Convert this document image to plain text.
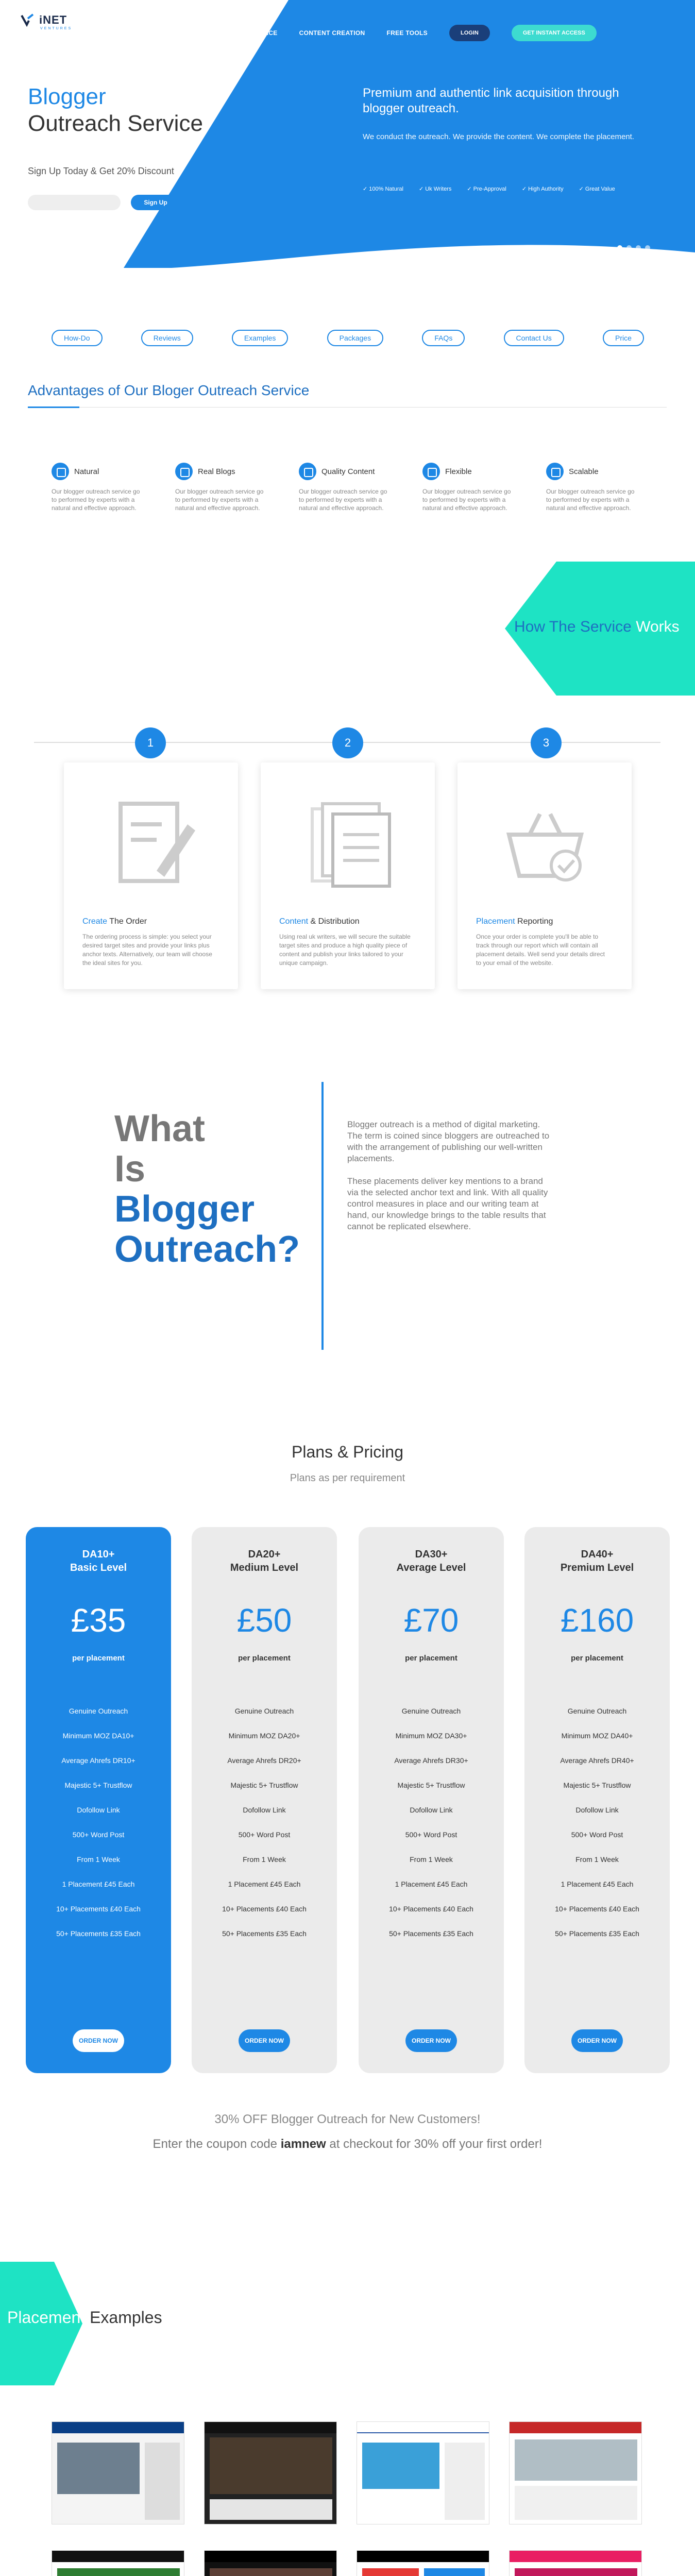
iNET
VENTURES
OUTREACH SERVICE	CONTENT CREATION	FREE TOOLS	LOGIN	GET INSTANT ACCESS
Blogger
Outreach Service
Sign Up Today & Get 20% Discount
Sign Up
Premium and authentic link acquisition through blogger outreach.
We conduct the outreach. We provide the content. We complete the placement.
✓ 100% Natural	✓ Uk Writers	✓ Pre-Approval	✓ High Authority	✓ Great Value
How-Do	Reviews	Examples	Packages	FAQs	Contact Us	Price
Advantages of Our Bloger Outreach Service
Natural
Our blogger outreach service go to performed by experts with a natural and effective approach.
Real Blogs
Our blogger outreach service go to performed by experts with a natural and effective approach.
Quality Content
Our blogger outreach service go to performed by experts with a natural and effective approach.
Flexible
Our blogger outreach service go to performed by experts with a natural and effective approach.
Scalable
Our blogger outreach service go to performed by experts with a natural and effective approach.
How The Service Works
1	2	3
Create The Order
The ordering process is simple: you select your desired target sites and provide your links plus anchor texts. Alternatively, our team will choose the ideal sites for you.
Content & Distribution
Using real uk writers, we will secure the suitable target sites and produce a high quality piece of content and publish your links tailored to your unique campaign.
Placement Reporting
Once your order is complete you'll be able to track through our report which will contain all placement details. Well send your details direct to your email of the website.
What
Is
Blogger
Outreach?

Blogger outreach is a method of digital marketing. The term is coined since bloggers are outreached to with the arrangement of publishing our well-written placements.

These placements deliver key mentions to a brand via the selected anchor text and link. With all quality control measures in place and our writing team at hand, our knowledge brings to the table results that cannot be replicated elsewhere.

Plans & Pricing
Plans as per requirement
DA10+
Basic Level
£35
per placement
Genuine Outreach
Minimum MOZ DA10+
Average Ahrefs DR10+
Majestic 5+ Trustflow
Dofollow Link
500+ Word Post
From 1 Week
1 Placement £45 Each
10+ Placements £40 Each
50+ Placements £35 Each
ORDER NOW
DA20+
Medium Level
£50
per placement
Genuine Outreach
Minimum MOZ DA20+
Average Ahrefs DR20+
Majestic 5+ Trustflow
Dofollow Link
500+ Word Post
From 1 Week
1 Placement £45 Each
10+ Placements £40 Each
50+ Placements £35 Each
ORDER NOW
DA30+
Average Level
£70
per placement
Genuine Outreach
Minimum MOZ DA30+
Average Ahrefs DR30+
Majestic 5+ Trustflow
Dofollow Link
500+ Word Post
From 1 Week
1 Placement £45 Each
10+ Placements £40 Each
50+ Placements £35 Each
ORDER NOW
DA40+
Premium Level
£160
per placement
Genuine Outreach
Minimum MOZ DA40+
Average Ahrefs DR40+
Majestic 5+ Trustflow
Dofollow Link
500+ Word Post
From 1 Week
1 Placement £45 Each
10+ Placements £40 Each
50+ Placements £35 Each
ORDER NOW
30% OFF Blogger Outreach for New Customers!
Enter the coupon code iamnew at checkout for 30% off your first order!
Placement Examples
